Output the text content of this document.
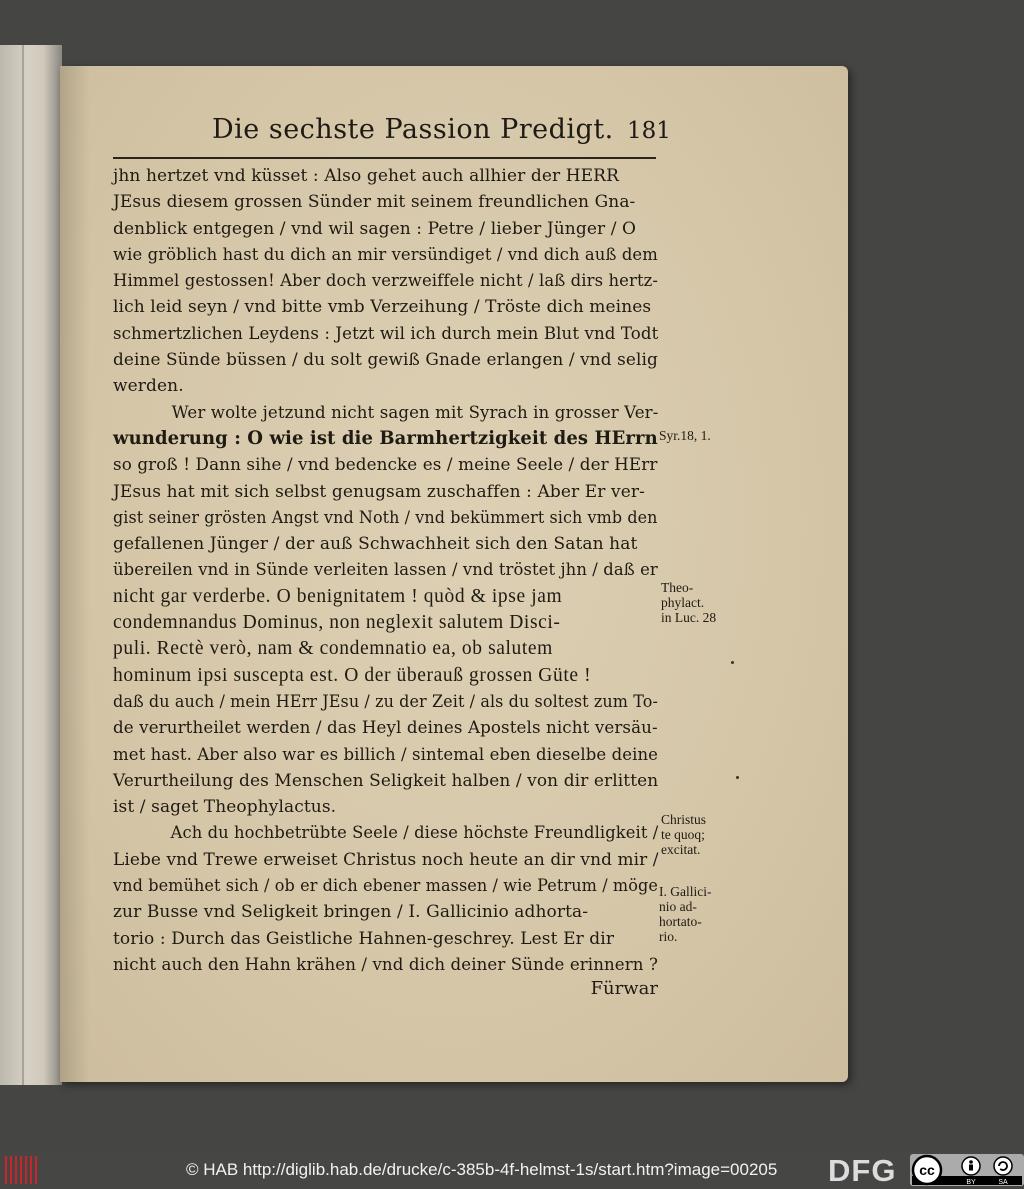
Die sechste Passion Predigt. 181
jhn hertzet vnd küsset : Also gehet auch allhier der HERR
JEsus diesem grossen Sünder mit seinem freundlichen Gna-
denblick entgegen / vnd wil sagen : Petre / lieber Jünger / O
wie gröblich hast du dich an mir versündiget / vnd dich auß dem
Himmel gestossen! Aber doch verzweiffele nicht / laß dirs hertz-
lich leid seyn / vnd bitte vmb Verzeihung / Tröste dich meines
schmertzlichen Leydens : Jetzt wil ich durch mein Blut vnd Todt
deine Sünde büssen / du solt gewiß Gnade erlangen / vnd selig
werden.
Wer wolte jetzund nicht sagen mit Syrach in grosser Ver-
wunderung : O wie ist die Barmhertzigkeit des HErrn
so groß ! Dann sihe / vnd bedencke es / meine Seele / der HErr
JEsus hat mit sich selbst genugsam zuschaffen : Aber Er ver-
gist seiner grösten Angst vnd Noth / vnd bekümmert sich vmb den
gefallenen Jünger / der auß Schwachheit sich den Satan hat
übereilen vnd in Sünde verleiten lassen / vnd tröstet jhn / daß er
nicht gar verderbe. O benignitatem ! quòd & ipse jam
condemnandus Dominus, non neglexit salutem Disci-
puli. Rectè verò, nam & condemnatio ea, ob salutem
hominum ipsi suscepta est. O der überauß grossen Güte !
daß du auch / mein HErr JEsu / zu der Zeit / als du soltest zum To-
de verurtheilet werden / das Heyl deines Apostels nicht versäu-
met hast. Aber also war es billich / sintemal eben dieselbe deine
Verurtheilung des Menschen Seligkeit halben / von dir erlitten
ist / saget Theophylactus.
Ach du hochbetrübte Seele / diese höchste Freundligkeit /
Liebe vnd Trewe erweiset Christus noch heute an dir vnd mir /
vnd bemühet sich / ob er dich ebener massen / wie Petrum / möge
zur Busse vnd Seligkeit bringen / I. Gallicinio adhorta-
torio : Durch das Geistliche Hahnen-geschrey. Lest Er dir
nicht auch den Hahn krähen / vnd dich deiner Sünde erinnern ?
Fürwar
Syr.18, 1.
Theo-
phylact.
in Luc. 28
Christus
te quoq;
excitat.
I. Gallici-
nio ad-
hortato-
rio.
© HAB http://diglib.hab.de/drucke/c-385b-4f-helmst-1s/start.htm?image=00205 DFG cc
BY	SA
